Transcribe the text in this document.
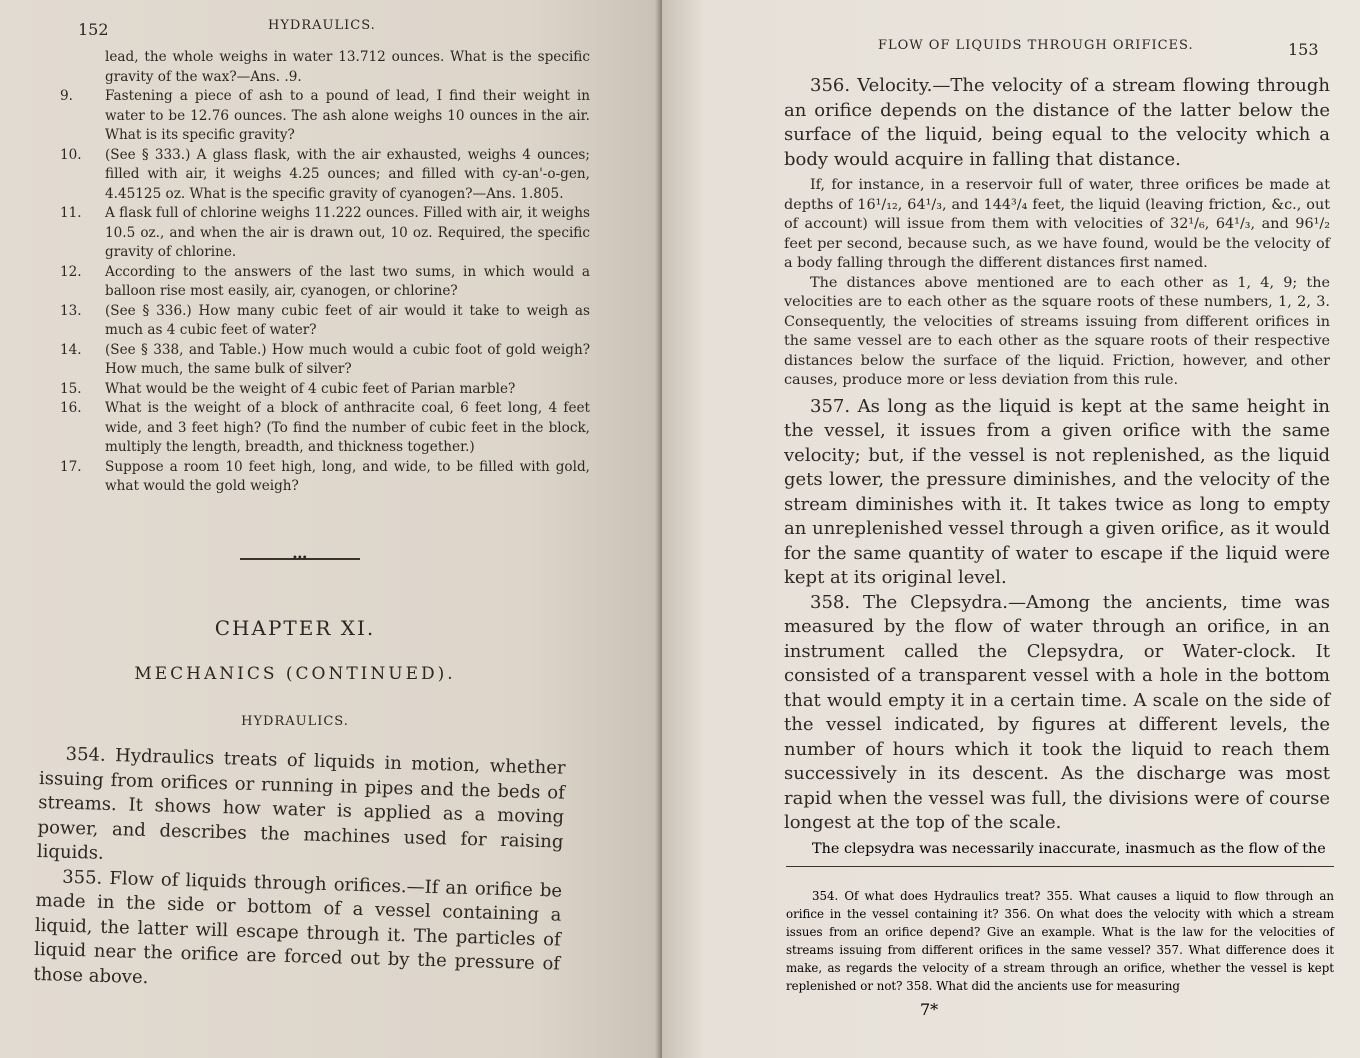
152	HYDRAULICS.

lead, the whole weighs in water 13.712 ounces. What is the specific gravity of the wax?—Ans. .9.

9. Fastening a piece of ash to a pound of lead, I find their weight in water to be 12.76 ounces. The ash alone weighs 10 ounces in the air. What is its specific gravity?

10. (See § 333.) A glass flask, with the air exhausted, weighs 4 ounces; filled with air, it weighs 4.25 ounces; and filled with cy-an'-o-gen, 4.45125 oz. What is the specific gravity of cyanogen?—Ans. 1.805.

11. A flask full of chlorine weighs 11.222 ounces. Filled with air, it weighs 10.5 oz., and when the air is drawn out, 10 oz. Required, the specific gravity of chlorine.

12. According to the answers of the last two sums, in which would a balloon rise most easily, air, cyanogen, or chlorine?

13. (See § 336.) How many cubic feet of air would it take to weigh as much as 4 cubic feet of water?

14. (See § 338, and Table.) How much would a cubic foot of gold weigh? How much, the same bulk of silver?

15. What would be the weight of 4 cubic feet of Parian marble?

16. What is the weight of a block of anthracite coal, 6 feet long, 4 feet wide, and 3 feet high? (To find the number of cubic feet in the block, multiply the length, breadth, and thickness together.)

17. Suppose a room 10 feet high, long, and wide, to be filled with gold, what would the gold weigh?

•••
CHAPTER XI.
MECHANICS (CONTINUED).
HYDRAULICS.

354. Hydraulics treats of liquids in motion, whether issuing from orifices or running in pipes and the beds of streams. It shows how water is applied as a moving power, and describes the machines used for raising liquids.

355. Flow of liquids through orifices.—If an orifice be made in the side or bottom of a vessel containing a liquid, the latter will escape through it. The particles of liquid near the orifice are forced out by the pressure of those above.

FLOW OF LIQUIDS THROUGH ORIFICES.	153

356. Velocity.—The velocity of a stream flowing through an orifice depends on the distance of the latter below the surface of the liquid, being equal to the velocity which a body would acquire in falling that distance.

If, for instance, in a reservoir full of water, three orifices be made at depths of 16¹/₁₂, 64¹/₃, and 144³/₄ feet, the liquid (leaving friction, &c., out of account) will issue from them with velocities of 32¹/₆, 64¹/₃, and 96¹/₂ feet per second, because such, as we have found, would be the velocity of a body falling through the different distances first named.

The distances above mentioned are to each other as 1, 4, 9; the velocities are to each other as the square roots of these numbers, 1, 2, 3. Consequently, the velocities of streams issuing from different orifices in the same vessel are to each other as the square roots of their respective distances below the surface of the liquid. Friction, however, and other causes, produce more or less deviation from this rule.

357. As long as the liquid is kept at the same height in the vessel, it issues from a given orifice with the same velocity; but, if the vessel is not replenished, as the liquid gets lower, the pressure diminishes, and the velocity of the stream diminishes with it. It takes twice as long to empty an unreplenished vessel through a given orifice, as it would for the same quantity of water to escape if the liquid were kept at its original level.

358. The Clepsydra.—Among the ancients, time was measured by the flow of water through an orifice, in an instrument called the Clepsydra, or Water-clock. It consisted of a transparent vessel with a hole in the bottom that would empty it in a certain time. A scale on the side of the vessel indicated, by figures at different levels, the number of hours which it took the liquid to reach them successively in its descent. As the discharge was most rapid when the vessel was full, the divisions were of course longest at the top of the scale.

The clepsydra was necessarily inaccurate, inasmuch as the flow of the

354. Of what does Hydraulics treat? 355. What causes a liquid to flow through an orifice in the vessel containing it? 356. On what does the velocity with which a stream issues from an orifice depend? Give an example. What is the law for the velocities of streams issuing from different orifices in the same vessel? 357. What difference does it make, as regards the velocity of a stream through an orifice, whether the vessel is kept replenished or not? 358. What did the ancients use for measuring

7*
